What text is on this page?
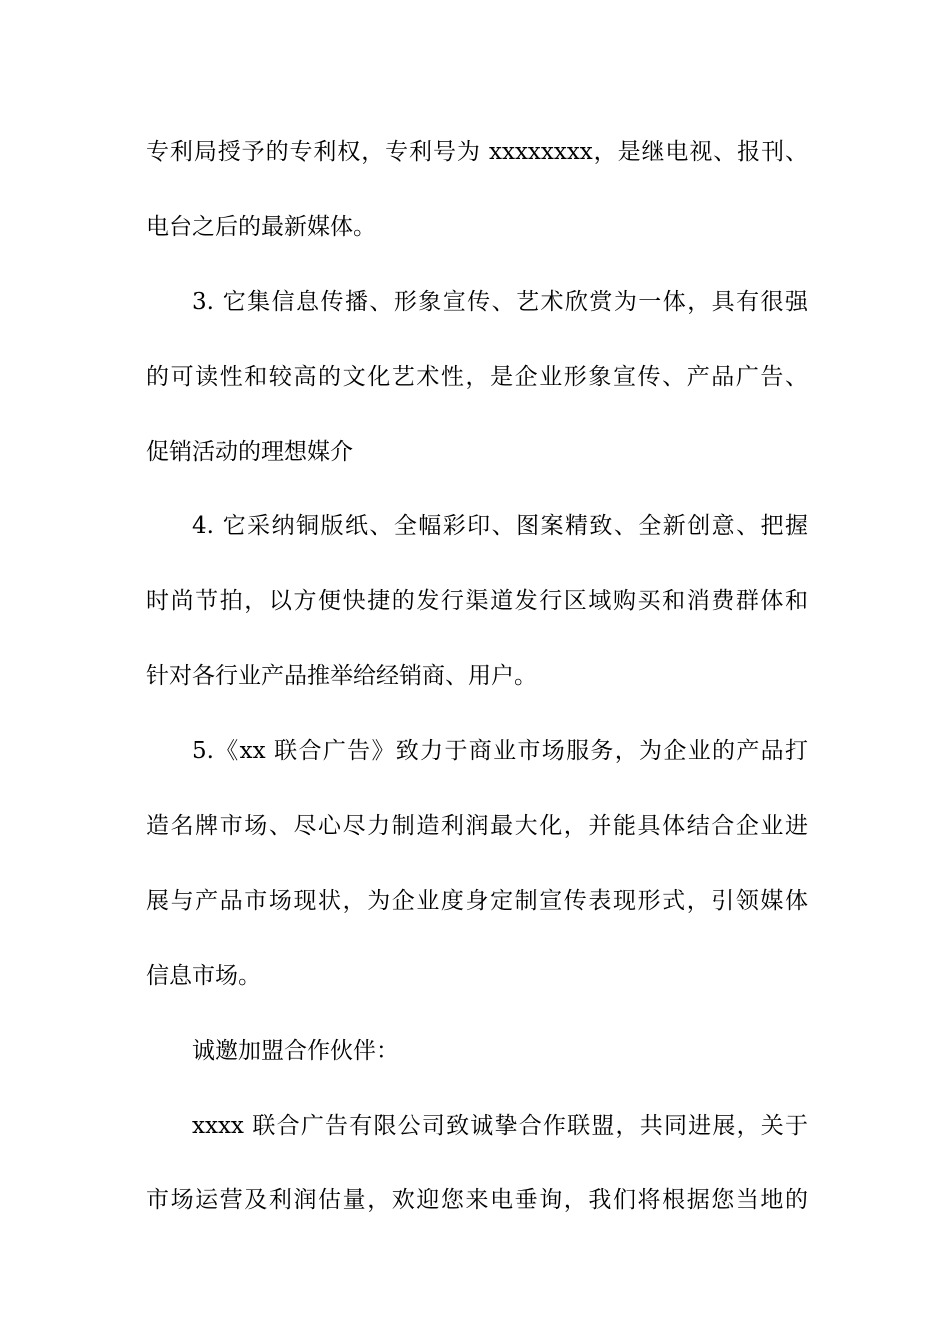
专利局授予的专利权，专利号为 xxxxxxxx，是继电视、报刊、
电台之后的最新媒体。
3. 它集信息传播、形象宣传、艺术欣赏为一体，具有很强
的可读性和较高的文化艺术性，是企业形象宣传、产品广告、
促销活动的理想媒介
4. 它采纳铜版纸、全幅彩印、图案精致、全新创意、把握
时尚节拍，以方便快捷的发行渠道发行区域购买和消费群体和
针对各行业产品推举给经销商、用户。
5.《xx 联合广告》致力于商业市场服务，为企业的产品打
造名牌市场、尽心尽力制造利润最大化，并能具体结合企业进
展与产品市场现状，为企业度身定制宣传表现形式，引领媒体
信息市场。
诚邀加盟合作伙伴：
xxxx 联合广告有限公司致诚挚合作联盟，共同进展，关于
市场运营及利润估量，欢迎您来电垂询，我们将根据您当地的
